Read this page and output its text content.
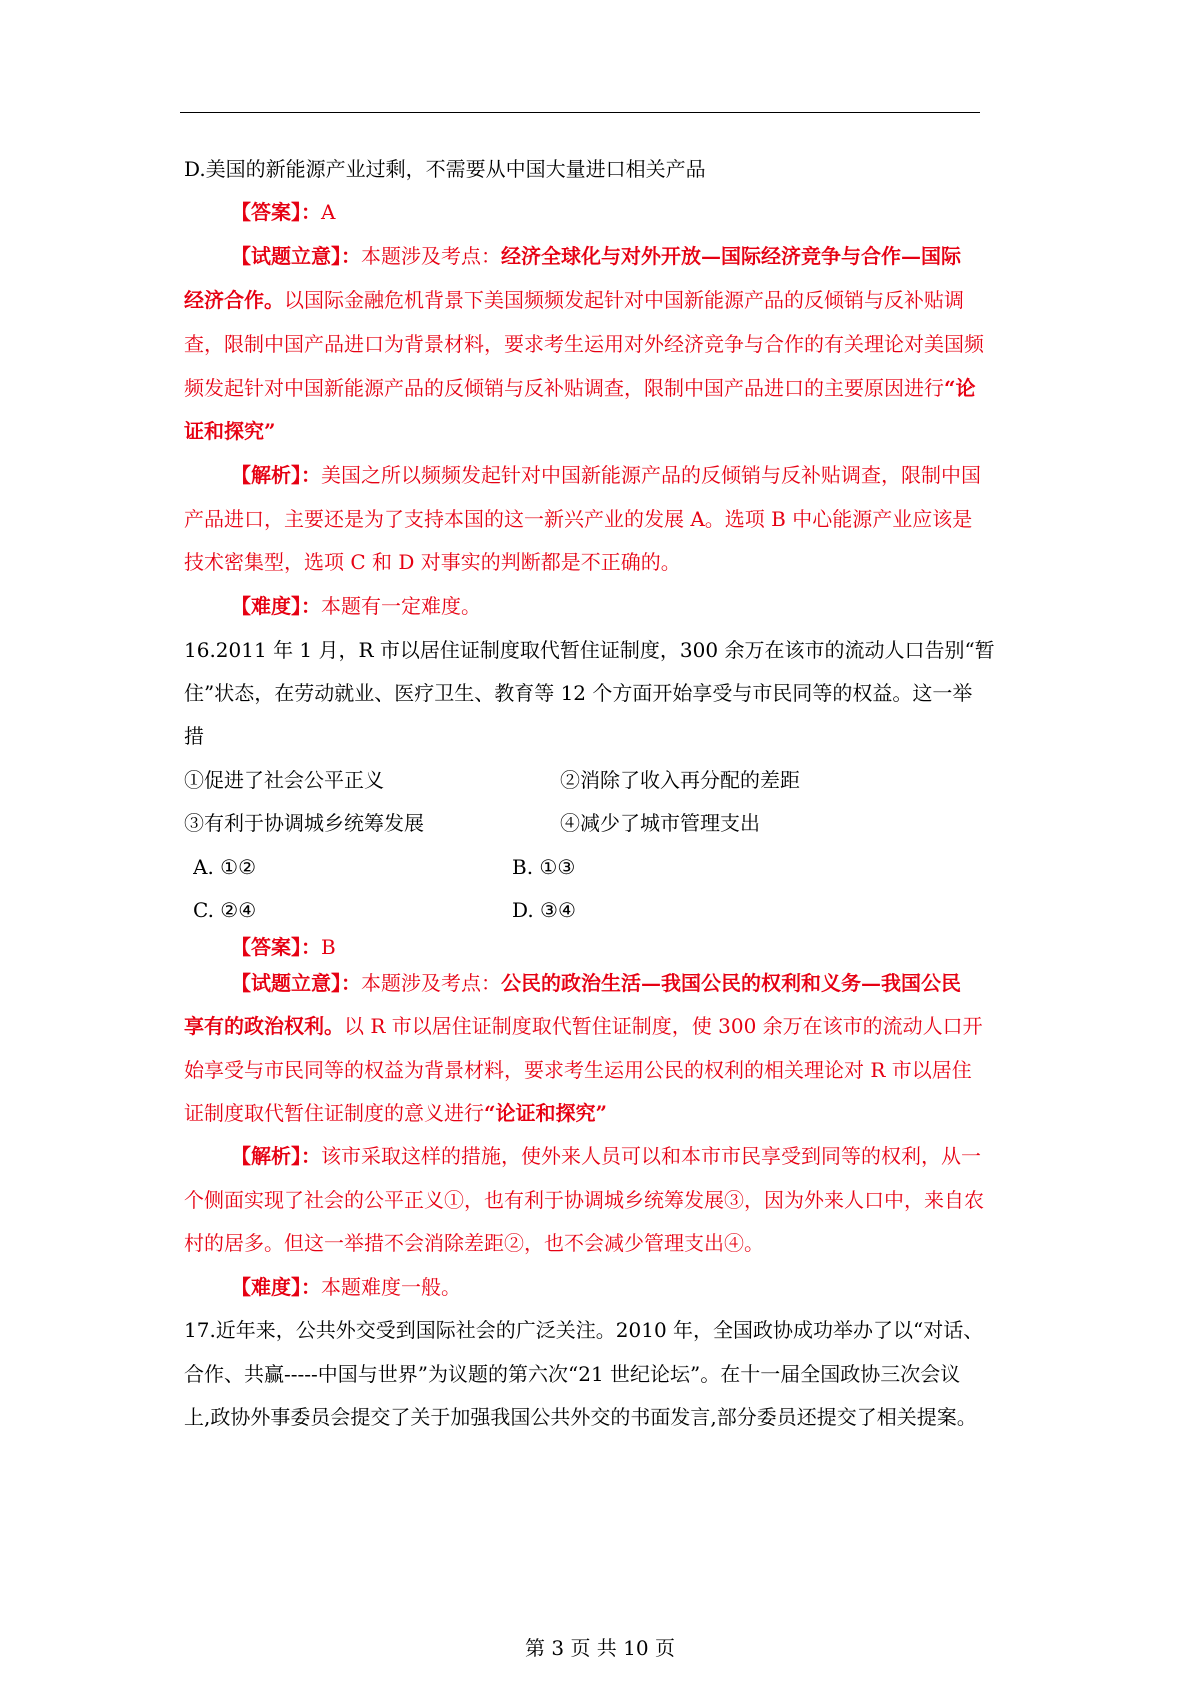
D.美国的新能源产业过剩，不需要从中国大量进口相关产品
【答案】：A
【试题立意】：本题涉及考点：经济全球化与对外开放—国际经济竞争与合作—国际
经济合作。以国际金融危机背景下美国频频发起针对中国新能源产品的反倾销与反补贴调
查，限制中国产品进口为背景材料，要求考生运用对外经济竞争与合作的有关理论对美国频
频发起针对中国新能源产品的反倾销与反补贴调查，限制中国产品进口的主要原因进行“论
证和探究”
【解析】：美国之所以频频发起针对中国新能源产品的反倾销与反补贴调查，限制中国
产品进口，主要还是为了支持本国的这一新兴产业的发展 A。选项 B 中心能源产业应该是
技术密集型，选项 C 和 D 对事实的判断都是不正确的。
【难度】：本题有一定难度。
16.2011 年 1 月，R 市以居住证制度取代暂住证制度，300 余万在该市的流动人口告别“暂
住”状态，在劳动就业、医疗卫生、教育等 12 个方面开始享受与市民同等的权益。这一举
措
①促进了社会公平正义	②消除了收入再分配的差距
③有利于协调城乡统筹发展	④减少了城市管理支出
A. ①②	B. ①③
C. ②④	D. ③④
【答案】：B
【试题立意】：本题涉及考点：公民的政治生活—我国公民的权利和义务—我国公民
享有的政治权利。以 R 市以居住证制度取代暂住证制度，使 300 余万在该市的流动人口开
始享受与市民同等的权益为背景材料，要求考生运用公民的权利的相关理论对 R 市以居住
证制度取代暂住证制度的意义进行“论证和探究”
【解析】：该市采取这样的措施，使外来人员可以和本市市民享受到同等的权利，从一
个侧面实现了社会的公平正义①，也有利于协调城乡统筹发展③，因为外来人口中，来自农
村的居多。但这一举措不会消除差距②，也不会减少管理支出④。
【难度】：本题难度一般。
17.近年来，公共外交受到国际社会的广泛关注。2010 年，全国政协成功举办了以“对话、
合作、共赢-----中国与世界”为议题的第六次“21 世纪论坛”。在十一届全国政协三次会议
上,政协外事委员会提交了关于加强我国公共外交的书面发言,部分委员还提交了相关提案。
第 3 页 共 10 页
